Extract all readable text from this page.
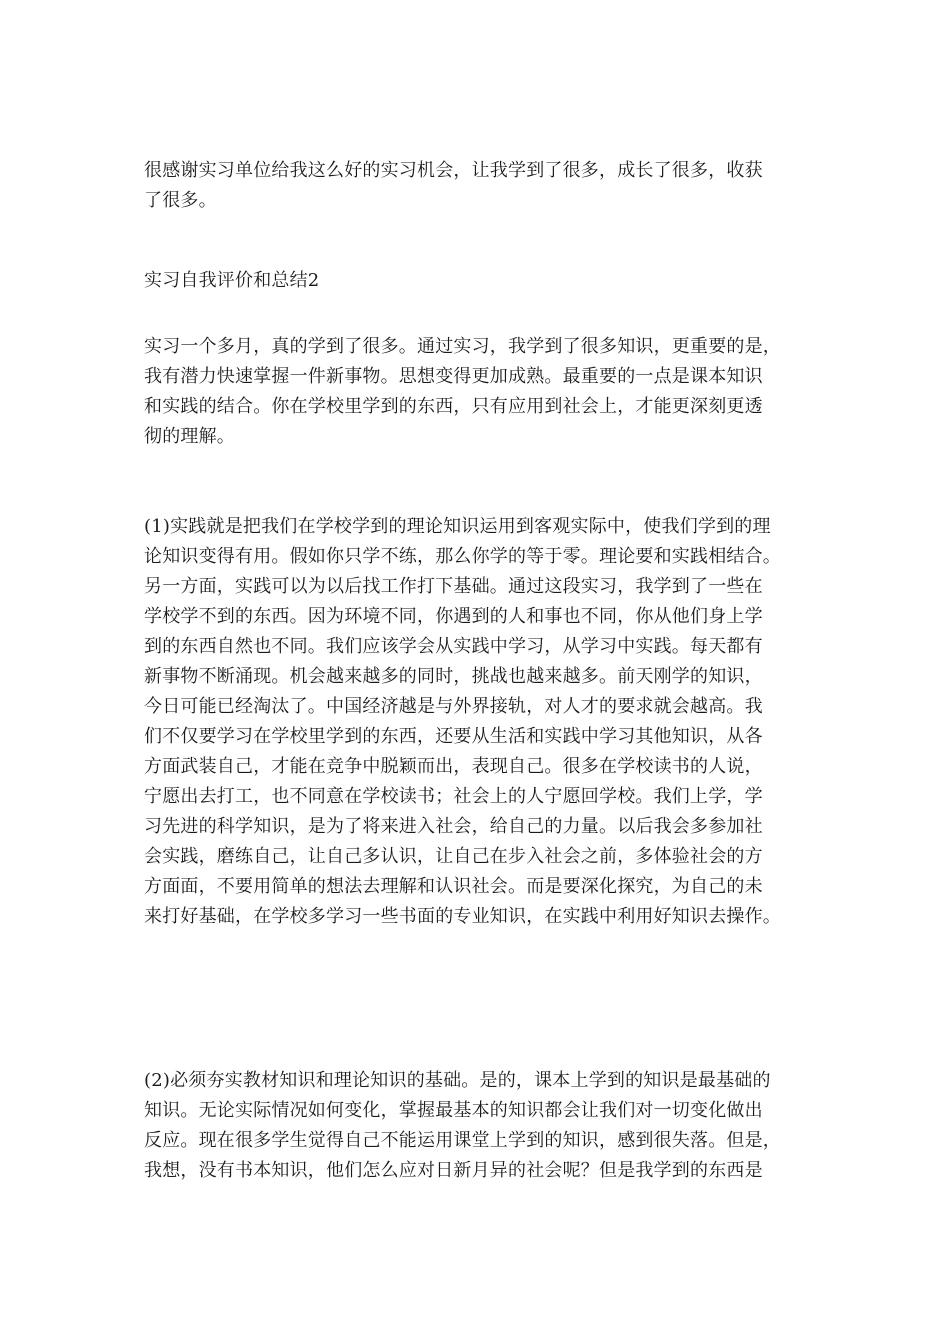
很感谢实习单位给我这么好的实习机会，让我学到了很多，成长了很多，收获
了很多。
实习自我评价和总结2
实习一个多月，真的学到了很多。通过实习，我学到了很多知识，更重要的是，
我有潜力快速掌握一件新事物。思想变得更加成熟。最重要的一点是课本知识
和实践的结合。你在学校里学到的东西，只有应用到社会上，才能更深刻更透
彻的理解。
(1)实践就是把我们在学校学到的理论知识运用到客观实际中，使我们学到的理
论知识变得有用。假如你只学不练，那么你学的等于零。理论要和实践相结合。
另一方面，实践可以为以后找工作打下基础。通过这段实习，我学到了一些在
学校学不到的东西。因为环境不同，你遇到的人和事也不同，你从他们身上学
到的东西自然也不同。我们应该学会从实践中学习，从学习中实践。每天都有
新事物不断涌现。机会越来越多的同时，挑战也越来越多。前天刚学的知识，
今日可能已经淘汰了。中国经济越是与外界接轨，对人才的要求就会越高。我
们不仅要学习在学校里学到的东西，还要从生活和实践中学习其他知识，从各
方面武装自己，才能在竞争中脱颖而出，表现自己。很多在学校读书的人说，
宁愿出去打工，也不同意在学校读书；社会上的人宁愿回学校。我们上学，学
习先进的科学知识，是为了将来进入社会，给自己的力量。以后我会多参加社
会实践，磨练自己，让自己多认识，让自己在步入社会之前，多体验社会的方
方面面，不要用简单的想法去理解和认识社会。而是要深化探究，为自己的未
来打好基础，在学校多学习一些书面的专业知识，在实践中利用好知识去操作。
(2)必须夯实教材知识和理论知识的基础。是的，课本上学到的知识是最基础的
知识。无论实际情况如何变化，掌握最基本的知识都会让我们对一切变化做出
反应。现在很多学生觉得自己不能运用课堂上学到的知识，感到很失落。但是，
我想，没有书本知识，他们怎么应对日新月异的社会呢？但是我学到的东西是
